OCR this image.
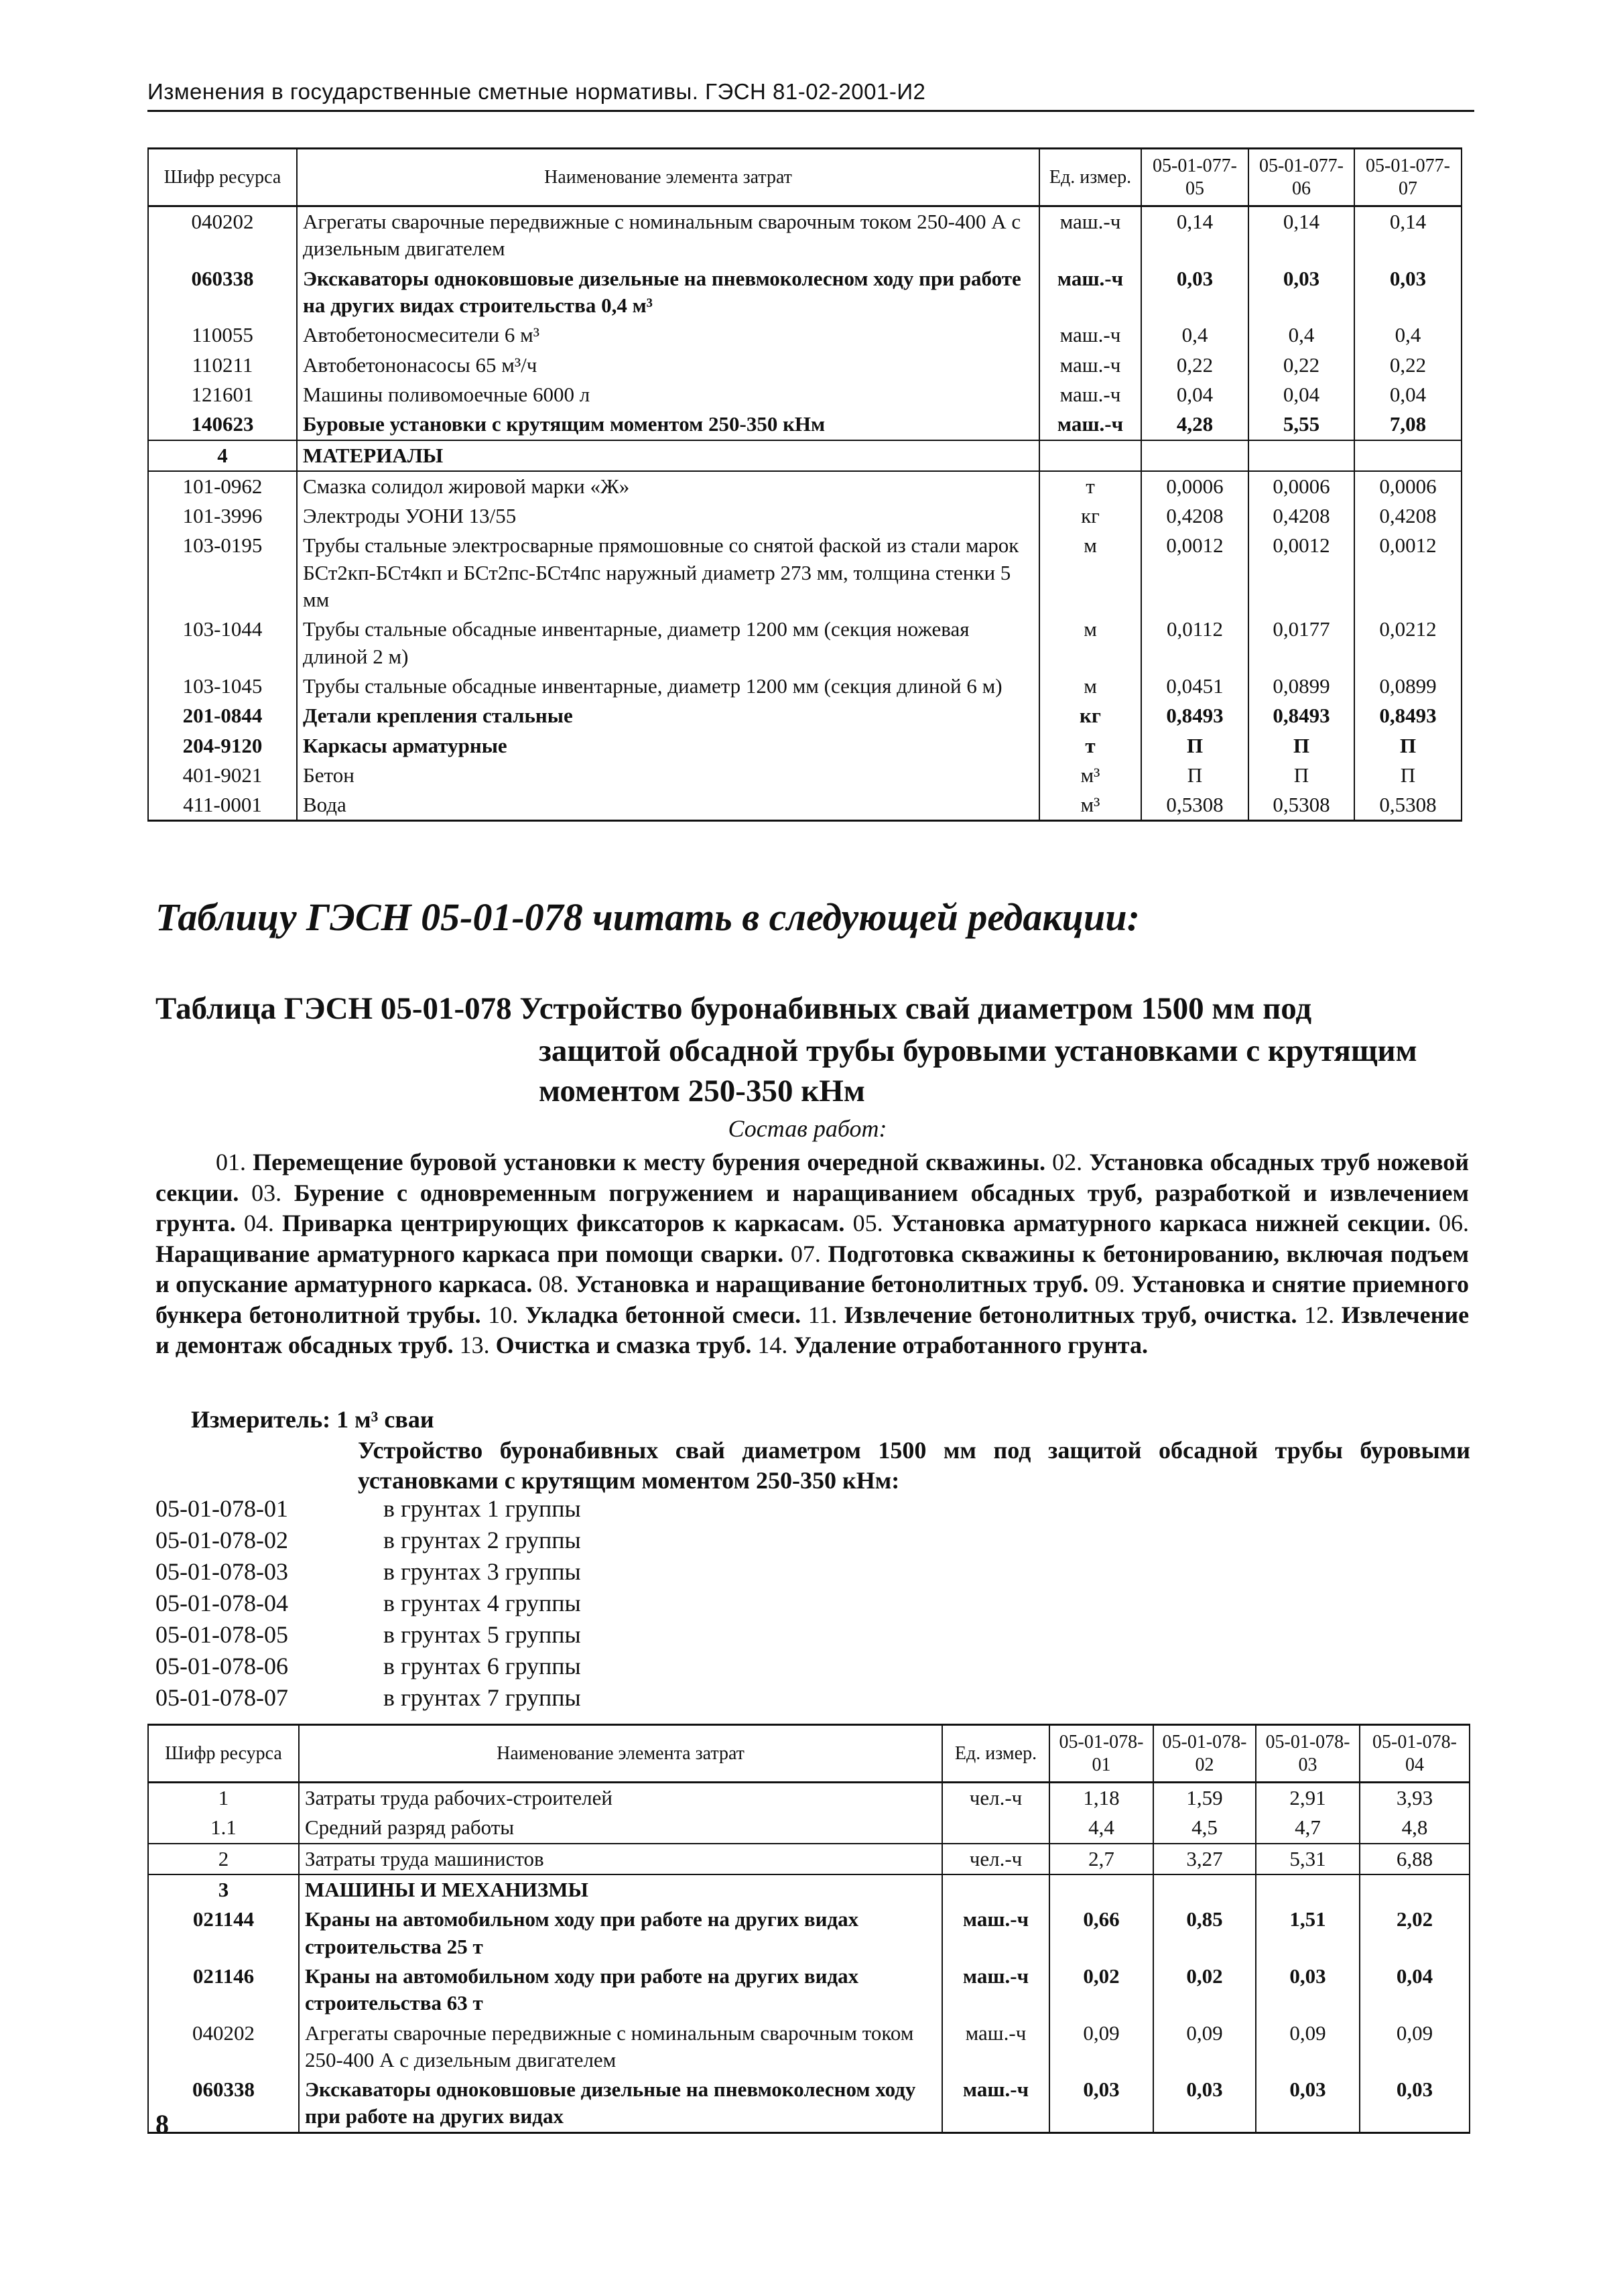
Изменения в государственные сметные нормативы. ГЭСН 81-02-2001-И2
Шифр ресурса	Наименование элемента затрат	Ед. измер.	05-01-077-05	05-01-077-06	05-01-077-07
040202	Агрегаты сварочные передвижные с номинальным сварочным током 250-400 А с дизельным двигателем	маш.-ч	0,14	0,14	0,14
060338	Экскаваторы одноковшовые дизельные на пневмоколесном ходу при работе на других видах строительства 0,4 м³	маш.-ч	0,03	0,03	0,03
110055	Автобетоносмесители 6 м³	маш.-ч	0,4	0,4	0,4
110211	Автобетононасосы 65 м³/ч	маш.-ч	0,22	0,22	0,22
121601	Машины поливомоечные 6000 л	маш.-ч	0,04	0,04	0,04
140623	Буровые установки с крутящим моментом 250-350 кНм	маш.-ч	4,28	5,55	7,08
4	МАТЕРИАЛЫ				
101-0962	Смазка солидол жировой марки «Ж»	т	0,0006	0,0006	0,0006
101-3996	Электроды УОНИ 13/55	кг	0,4208	0,4208	0,4208
103-0195	Трубы стальные электросварные прямошовные со снятой фаской из стали марок БСт2кп-БСт4кп и БСт2пс-БСт4пс наружный диаметр 273 мм, толщина стенки 5 мм	м	0,0012	0,0012	0,0012
103-1044	Трубы стальные обсадные инвентарные, диаметр 1200 мм (секция ножевая длиной 2 м)	м	0,0112	0,0177	0,0212
103-1045	Трубы стальные обсадные инвентарные, диаметр 1200 мм (секция длиной 6 м)	м	0,0451	0,0899	0,0899
201-0844	Детали крепления стальные	кг	0,8493	0,8493	0,8493
204-9120	Каркасы арматурные	т	П	П	П
401-9021	Бетон	м³	П	П	П
411-0001	Вода	м³	0,5308	0,5308	0,5308
Таблицу ГЭСН 05-01-078 читать в следующей редакции:
Таблица ГЭСН 05-01-078 Устройство буронабивных свай диаметром 1500 мм под
защитой обсадной трубы буровыми установками с крутящим моментом 250-350 кНм
Состав работ:
01. Перемещение буровой установки к месту бурения очередной скважины. 02. Установка обсадных труб ножевой секции. 03. Бурение с одновременным погружением и наращиванием обсадных труб, разработкой и извлечением грунта. 04. Приварка центрирующих фиксаторов к каркасам. 05. Установка арматурного каркаса нижней секции. 06. Наращивание арматурного каркаса при помощи сварки. 07. Подготовка скважины к бетонированию, включая подъем и опускание арматурного каркаса. 08. Установка и наращивание бетонолитных труб. 09. Установка и снятие приемного бункера бетонолитной трубы. 10. Укладка бетонной смеси. 11. Извлечение бетонолитных труб, очистка. 12. Извлечение и демонтаж обсадных труб. 13. Очистка и смазка труб. 14. Удаление отработанного грунта.
Измеритель: 1 м³ сваи
Устройство буронабивных свай диаметром 1500 мм под защитой обсадной трубы буровыми установками с крутящим моментом 250-350 кНм:
05-01-078-01	в грунтах 1 группы
05-01-078-02	в грунтах 2 группы
05-01-078-03	в грунтах 3 группы
05-01-078-04	в грунтах 4 группы
05-01-078-05	в грунтах 5 группы
05-01-078-06	в грунтах 6 группы
05-01-078-07	в грунтах 7 группы
Шифр ресурса	Наименование элемента затрат	Ед. измер.	05-01-078-01	05-01-078-02	05-01-078-03	05-01-078-04
1	Затраты труда рабочих-строителей	чел.-ч	1,18	1,59	2,91	3,93
1.1	Средний разряд работы		4,4	4,5	4,7	4,8
2	Затраты труда машинистов	чел.-ч	2,7	3,27	5,31	6,88
3	МАШИНЫ И МЕХАНИЗМЫ					
021144	Краны на автомобильном ходу при работе на других видах строительства 25 т	маш.-ч	0,66	0,85	1,51	2,02
021146	Краны на автомобильном ходу при работе на других видах строительства 63 т	маш.-ч	0,02	0,02	0,03	0,04
040202	Агрегаты сварочные передвижные с номинальным сварочным током 250-400 А с дизельным двигателем	маш.-ч	0,09	0,09	0,09	0,09
060338	Экскаваторы одноковшовые дизельные на пневмоколесном ходу при работе на других видах	маш.-ч	0,03	0,03	0,03	0,03
8
